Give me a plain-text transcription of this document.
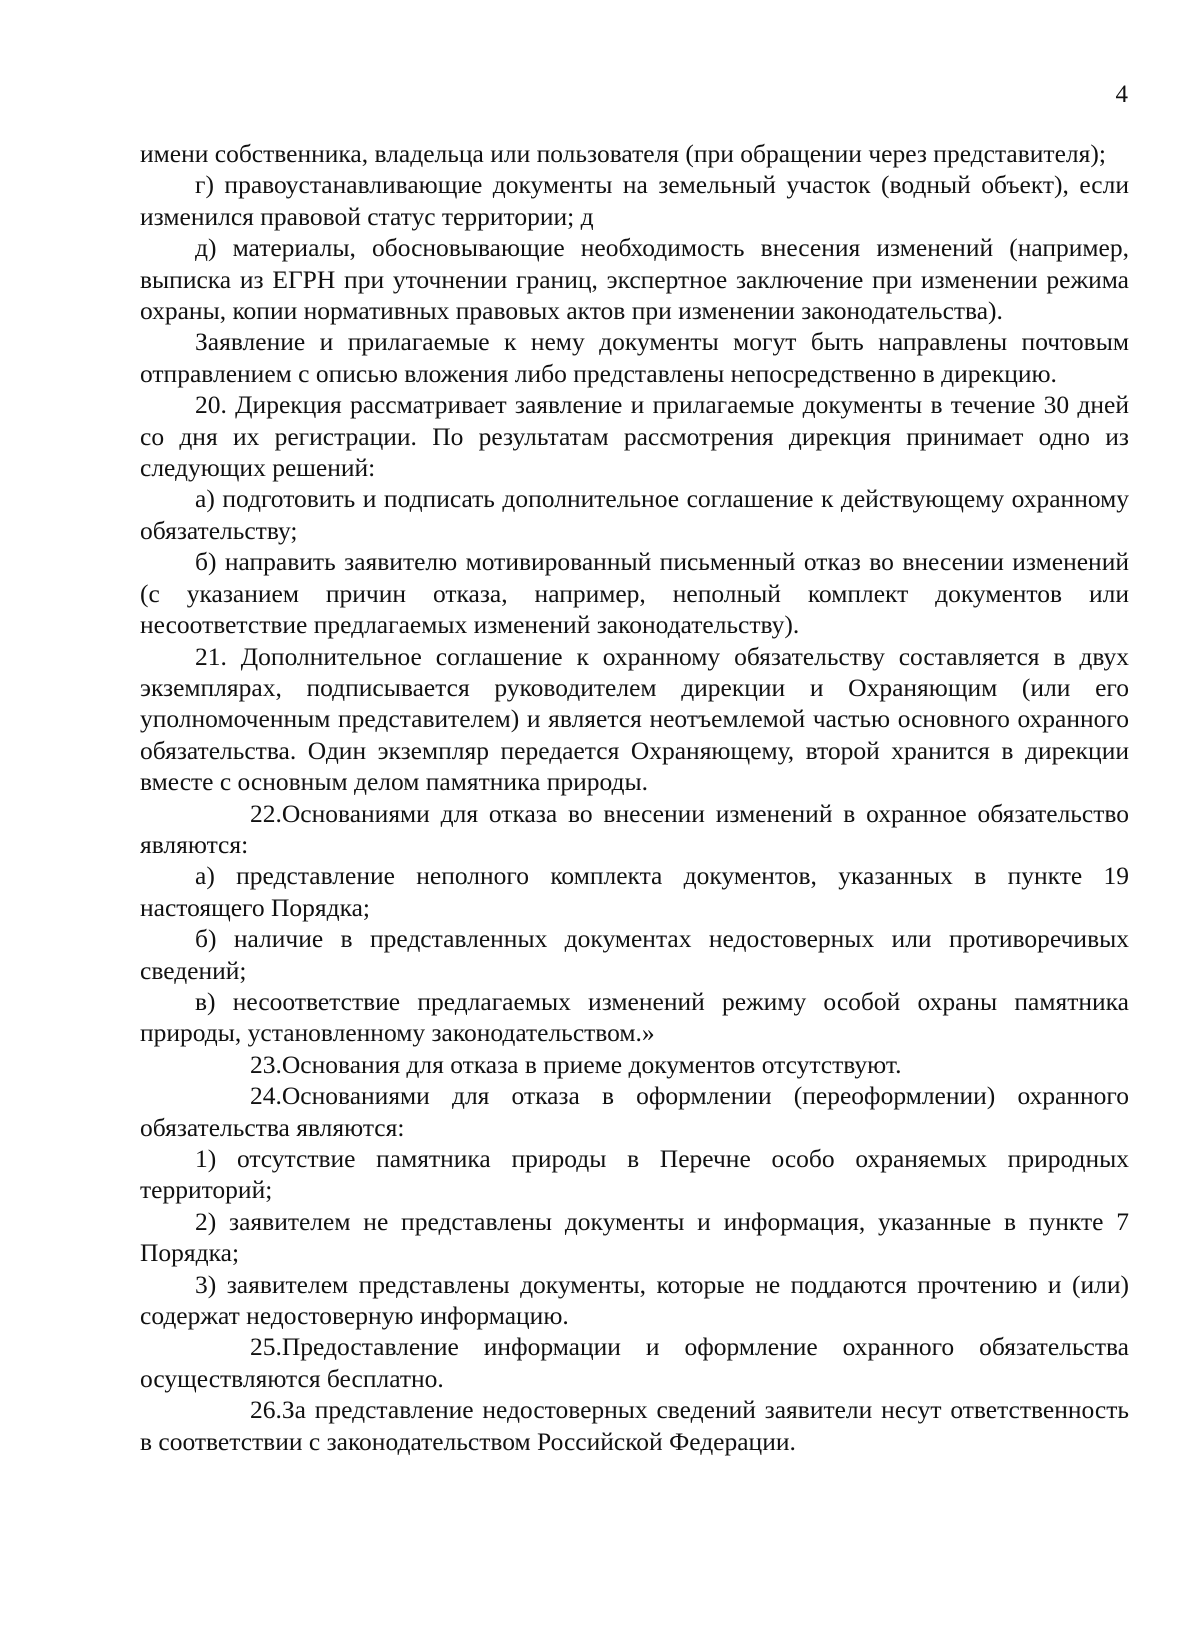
4

имени собственника, владельца или пользователя (при обращении через представителя);

г) правоустанавливающие документы на земельный участок (водный объект), если изменился правовой статус территории; д

д) материалы, обосновывающие необходимость внесения изменений (например, выписка из ЕГРН при уточнении границ, экспертное заключение при изменении режима охраны, копии нормативных правовых актов при изменении законодательства).

Заявление и прилагаемые к нему документы могут быть направлены почтовым отправлением с описью вложения либо представлены непосредственно в дирекцию.

20. Дирекция рассматривает заявление и прилагаемые документы в течение 30 дней со дня их регистрации. По результатам рассмотрения дирекция принимает одно из следующих решений:

а) подготовить и подписать дополнительное соглашение к действующему охранному обязательству;

б) направить заявителю мотивированный письменный отказ во внесении изменений (с указанием причин отказа, например, неполный комплект документов или несоответствие предлагаемых изменений законодательству).

21. Дополнительное соглашение к охранному обязательству составляется в двух экземплярах, подписывается руководителем дирекции и Охраняющим (или его уполномоченным представителем) и является неотъемлемой частью основного охранного обязательства. Один экземпляр передается Охраняющему, второй хранится в дирекции вместе с основным делом памятника природы.

22.Основаниями для отказа во внесении изменений в охранное обязательство являются:

а) представление неполного комплекта документов, указанных в пункте 19 настоящего Порядка;

б) наличие в представленных документах недостоверных или противоречивых сведений;

в) несоответствие предлагаемых изменений режиму особой охраны памятника природы, установленному законодательством.»

23.Основания для отказа в приеме документов отсутствуют.

24.Основаниями для отказа в оформлении (переоформлении) охранного обязательства являются:

1) отсутствие памятника природы в Перечне особо охраняемых природных территорий;

2) заявителем не представлены документы и информация, указанные в пункте 7 Порядка;

3) заявителем представлены документы, которые не поддаются прочтению и (или) содержат недостоверную информацию.

25.Предоставление информации и оформление охранного обязательства осуществляются бесплатно.

26.За представление недостоверных сведений заявители несут ответственность в соответствии с законодательством Российской Федерации.
